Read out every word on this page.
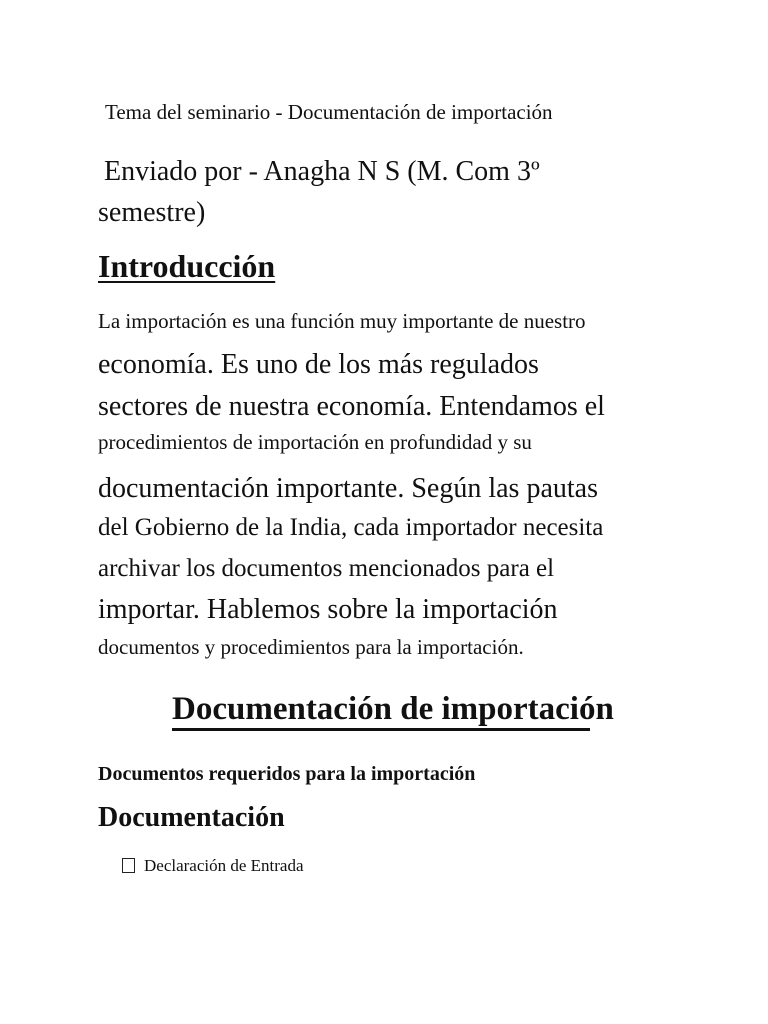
Tema del seminario - Documentación de importación
Enviado por - Anagha N S (M. Com 3º
semestre)
Introducción
La importación es una función muy importante de nuestro
economía. Es uno de los más regulados
sectores de nuestra economía. Entendamos el
procedimientos de importación en profundidad y su
documentación importante. Según las pautas
del Gobierno de la India, cada importador necesita
archivar los documentos mencionados para el
importar. Hablemos sobre la importación
documentos y procedimientos para la importación.
Documentación de importación
Documentos requeridos para la importación
Documentación
Declaración de Entrada
